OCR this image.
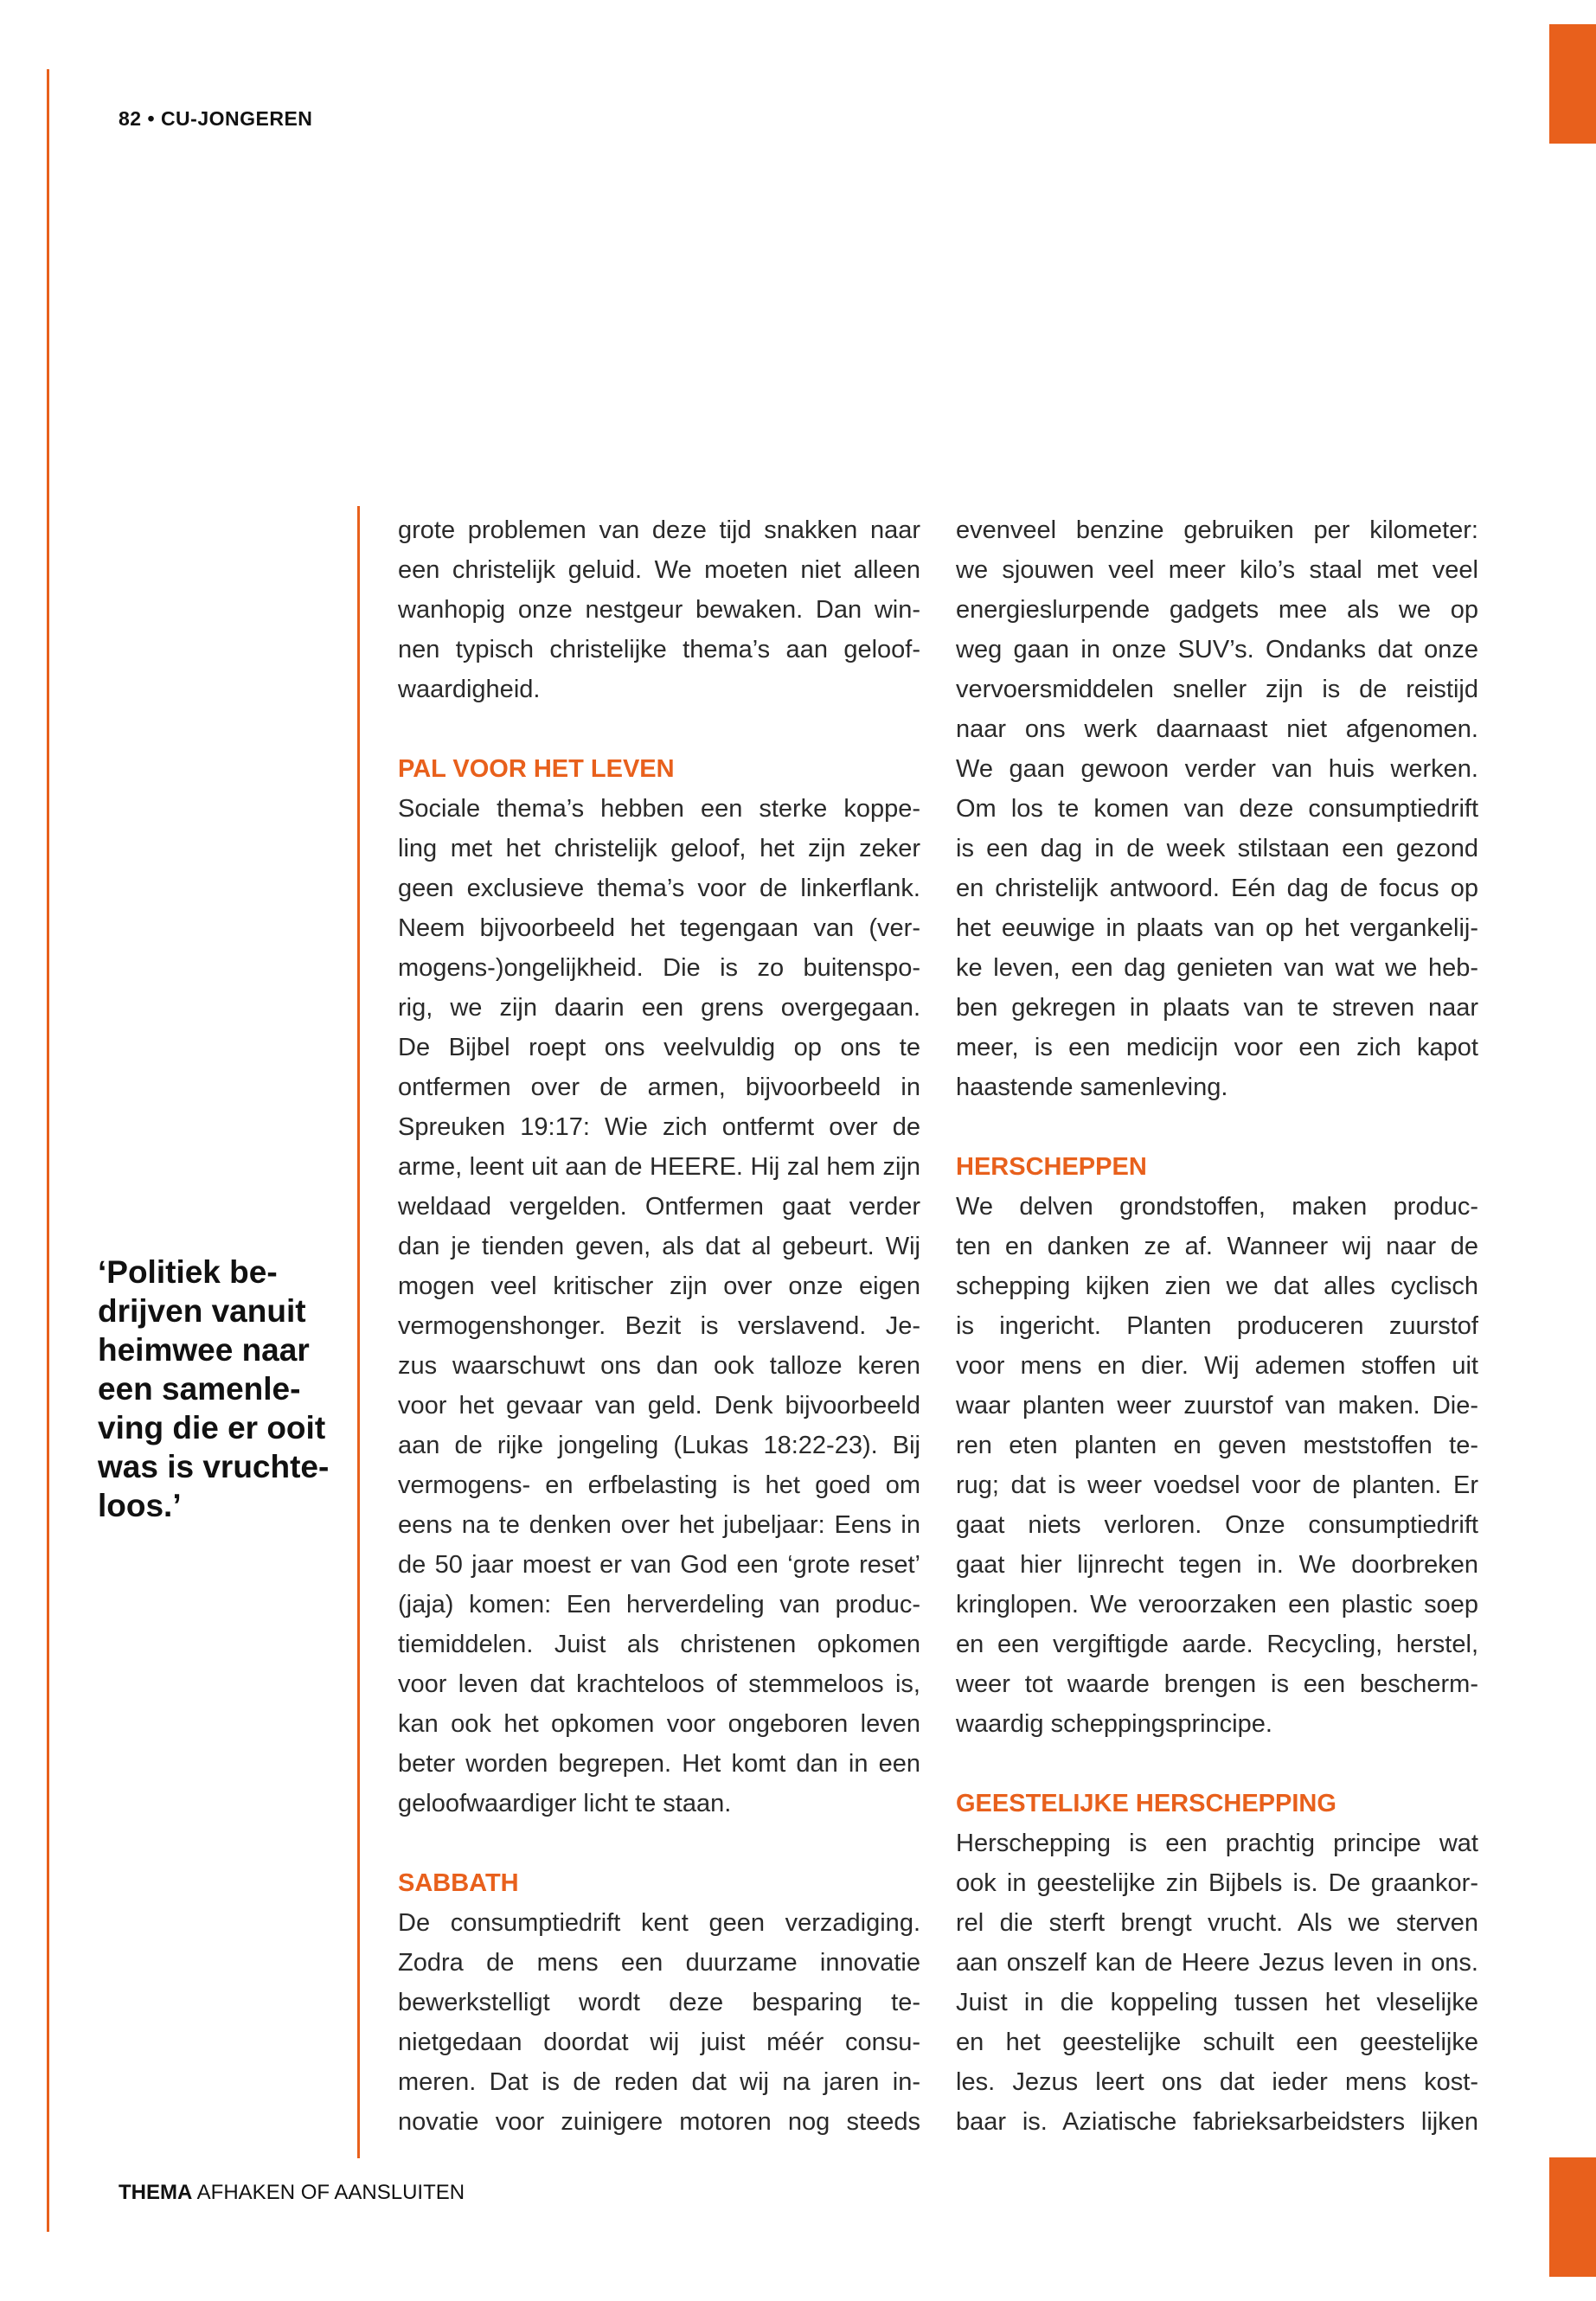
82 • CU-JONGEREN
‘Politiek be-
drijven vanuit
heimwee naar
een samenle-
ving die er ooit
was is vruchte-
loos.’
grote problemen van deze tijd snakken naar
een christelijk geluid. We moeten niet alleen
wanhopig onze nestgeur bewaken. Dan win-
nen typisch christelijke thema’s aan geloof-
waardigheid.
PAL VOOR HET LEVEN
Sociale thema’s hebben een sterke koppe-
ling met het christelijk geloof, het zijn zeker
geen exclusieve thema’s voor de linkerflank.
Neem bijvoorbeeld het tegengaan van (ver-
mogens-)ongelijkheid. Die is zo buitenspo-
rig, we zijn daarin een grens overgegaan.
De Bijbel roept ons veelvuldig op ons te
ontfermen over de armen, bijvoorbeeld in
Spreuken 19:17: Wie zich ontfermt over de
arme, leent uit aan de HEERE. Hij zal hem zijn
weldaad vergelden. Ontfermen gaat verder
dan je tienden geven, als dat al gebeurt. Wij
mogen veel kritischer zijn over onze eigen
vermogenshonger. Bezit is verslavend. Je-
zus waarschuwt ons dan ook talloze keren
voor het gevaar van geld. Denk bijvoorbeeld
aan de rijke jongeling (Lukas 18:22-23). Bij
vermogens- en erfbelasting is het goed om
eens na te denken over het jubeljaar: Eens in
de 50 jaar moest er van God een ‘grote reset’
(jaja) komen: Een herverdeling van produc-
tiemiddelen. Juist als christenen opkomen
voor leven dat krachteloos of stemmeloos is,
kan ook het opkomen voor ongeboren leven
beter worden begrepen. Het komt dan in een
geloofwaardiger licht te staan.
SABBATH
De consumptiedrift kent geen verzadiging.
Zodra de mens een duurzame innovatie
bewerkstelligt wordt deze besparing te-
nietgedaan doordat wij juist méér consu-
meren. Dat is de reden dat wij na jaren in-
novatie voor zuinigere motoren nog steeds
evenveel benzine gebruiken per kilometer:
we sjouwen veel meer kilo’s staal met veel
energieslurpende gadgets mee als we op
weg gaan in onze SUV’s. Ondanks dat onze
vervoersmiddelen sneller zijn is de reistijd
naar ons werk daarnaast niet afgenomen.
We gaan gewoon verder van huis werken.
Om los te komen van deze consumptiedrift
is een dag in de week stilstaan een gezond
en christelijk antwoord. Eén dag de focus op
het eeuwige in plaats van op het vergankelij-
ke leven, een dag genieten van wat we heb-
ben gekregen in plaats van te streven naar
meer, is een medicijn voor een zich kapot
haastende samenleving.
HERSCHEPPEN
We delven grondstoffen, maken produc-
ten en danken ze af. Wanneer wij naar de
schepping kijken zien we dat alles cyclisch
is ingericht. Planten produceren zuurstof
voor mens en dier. Wij ademen stoffen uit
waar planten weer zuurstof van maken. Die-
ren eten planten en geven meststoffen te-
rug; dat is weer voedsel voor de planten. Er
gaat niets verloren. Onze consumptiedrift
gaat hier lijnrecht tegen in. We doorbreken
kringlopen. We veroorzaken een plastic soep
en een vergiftigde aarde. Recycling, herstel,
weer tot waarde brengen is een bescherm-
waardig scheppingsprincipe.
GEESTELIJKE HERSCHEPPING
Herschepping is een prachtig principe wat
ook in geestelijke zin Bijbels is. De graankor-
rel die sterft brengt vrucht. Als we sterven
aan onszelf kan de Heere Jezus leven in ons.
Juist in die koppeling tussen het vleselijke
en het geestelijke schuilt een geestelijke
les. Jezus leert ons dat ieder mens kost-
baar is. Aziatische fabrieksarbeidsters lijken
THEMA AFHAKEN OF AANSLUITEN
